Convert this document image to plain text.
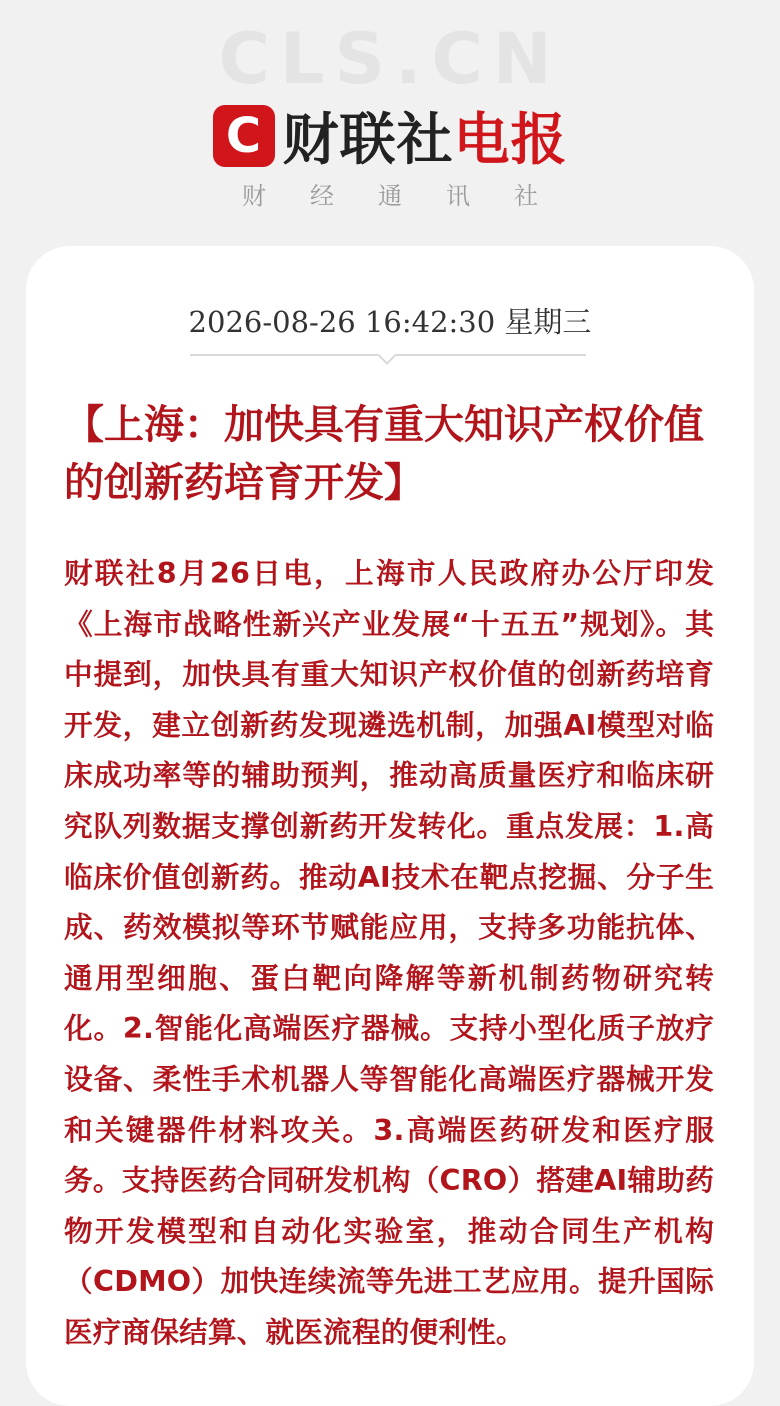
CLS.CN
C 财联社电报
财经通讯社
2026-08-26 16:42:30 星期三
【上海：加快具有重大知识产权价值的创新药培育开发】

财联社8月26日电，上海市人民政府办公厅印发《上海市战略性新兴产业发展“十五五”规划》。其中提到，加快具有重大知识产权价值的创新药培育开发，建立创新药发现遴选机制，加强AI模型对临床成功率等的辅助预判，推动高质量医疗和临床研究队列数据支撑创新药开发转化。重点发展：1.高临床价值创新药。推动AI技术在靶点挖掘、分子生成、药效模拟等环节赋能应用，支持多功能抗体、通用型细胞、蛋白靶向降解等新机制药物研究转化。2.智能化高端医疗器械。支持小型化质子放疗设备、柔性手术机器人等智能化高端医疗器械开发和关键器件材料攻关。3.高端医药研发和医疗服务。支持医药合同研发机构（CRO）搭建AI辅助药物开发模型和自动化实验室，推动合同生产机构（CDMO）加快连续流等先进工艺应用。提升国际医疗商保结算、就医流程的便利性。
